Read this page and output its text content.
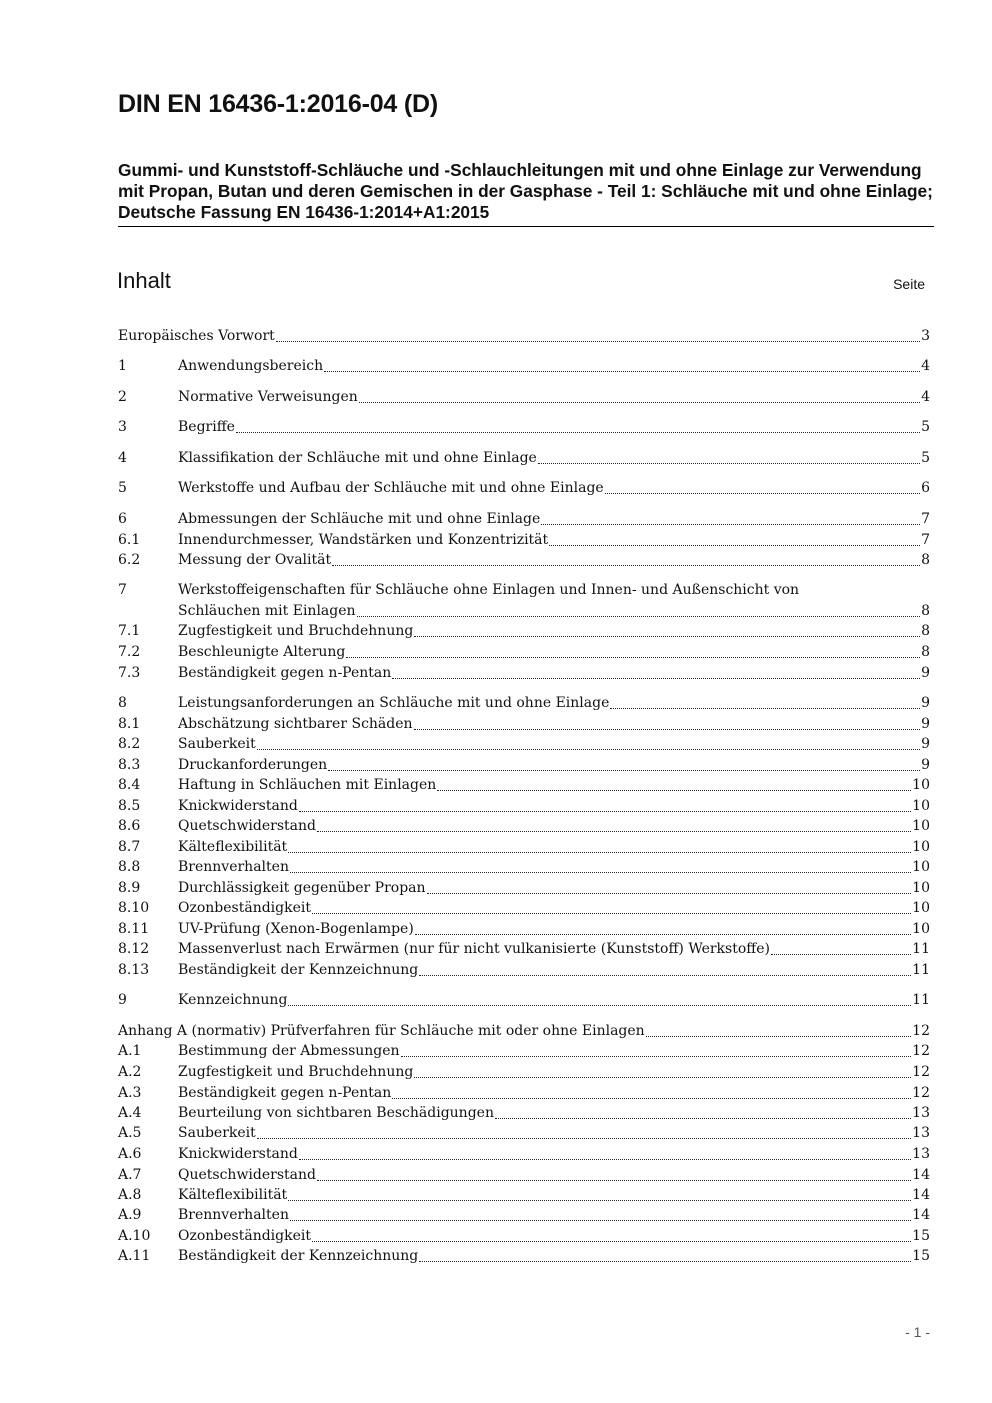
DIN EN 16436-1:2016-04 (D)
Gummi- und Kunststoff-Schläuche und -Schlauchleitungen mit und ohne Einlage zur Verwendung mit Propan, Butan und deren Gemischen in der Gasphase - Teil 1: Schläuche mit und ohne Einlage; Deutsche Fassung EN 16436-1:2014+A1:2015
Inhalt	Seite
Europäisches Vorwort	3
1	Anwendungsbereich	4
2	Normative Verweisungen	4
3	Begriffe	5
4	Klassifikation der Schläuche mit und ohne Einlage	5
5	Werkstoffe und Aufbau der Schläuche mit und ohne Einlage	6
6	Abmessungen der Schläuche mit und ohne Einlage	7
6.1	Innendurchmesser, Wandstärken und Konzentrizität	7
6.2	Messung der Ovalität	8
7	Werkstoffeigenschaften für Schläuche ohne Einlagen und Innen- und Außenschicht von
Schläuchen mit Einlagen	8
7.1	Zugfestigkeit und Bruchdehnung	8
7.2	Beschleunigte Alterung	8
7.3	Beständigkeit gegen n-Pentan	9
8	Leistungsanforderungen an Schläuche mit und ohne Einlage	9
8.1	Abschätzung sichtbarer Schäden	9
8.2	Sauberkeit	9
8.3	Druckanforderungen	9
8.4	Haftung in Schläuchen mit Einlagen	10
8.5	Knickwiderstand	10
8.6	Quetschwiderstand	10
8.7	Kälteflexibilität	10
8.8	Brennverhalten	10
8.9	Durchlässigkeit gegenüber Propan	10
8.10	Ozonbeständigkeit	10
8.11	UV-Prüfung (Xenon-Bogenlampe)	10
8.12	Massenverlust nach Erwärmen (nur für nicht vulkanisierte (Kunststoff) Werkstoffe)	11
8.13	Beständigkeit der Kennzeichnung	11
9	Kennzeichnung	11
Anhang A (normativ) Prüfverfahren für Schläuche mit oder ohne Einlagen	12
A.1	Bestimmung der Abmessungen	12
A.2	Zugfestigkeit und Bruchdehnung	12
A.3	Beständigkeit gegen n-Pentan	12
A.4	Beurteilung von sichtbaren Beschädigungen	13
A.5	Sauberkeit	13
A.6	Knickwiderstand	13
A.7	Quetschwiderstand	14
A.8	Kälteflexibilität	14
A.9	Brennverhalten	14
A.10	Ozonbeständigkeit	15
A.11	Beständigkeit der Kennzeichnung	15
- 1 -
